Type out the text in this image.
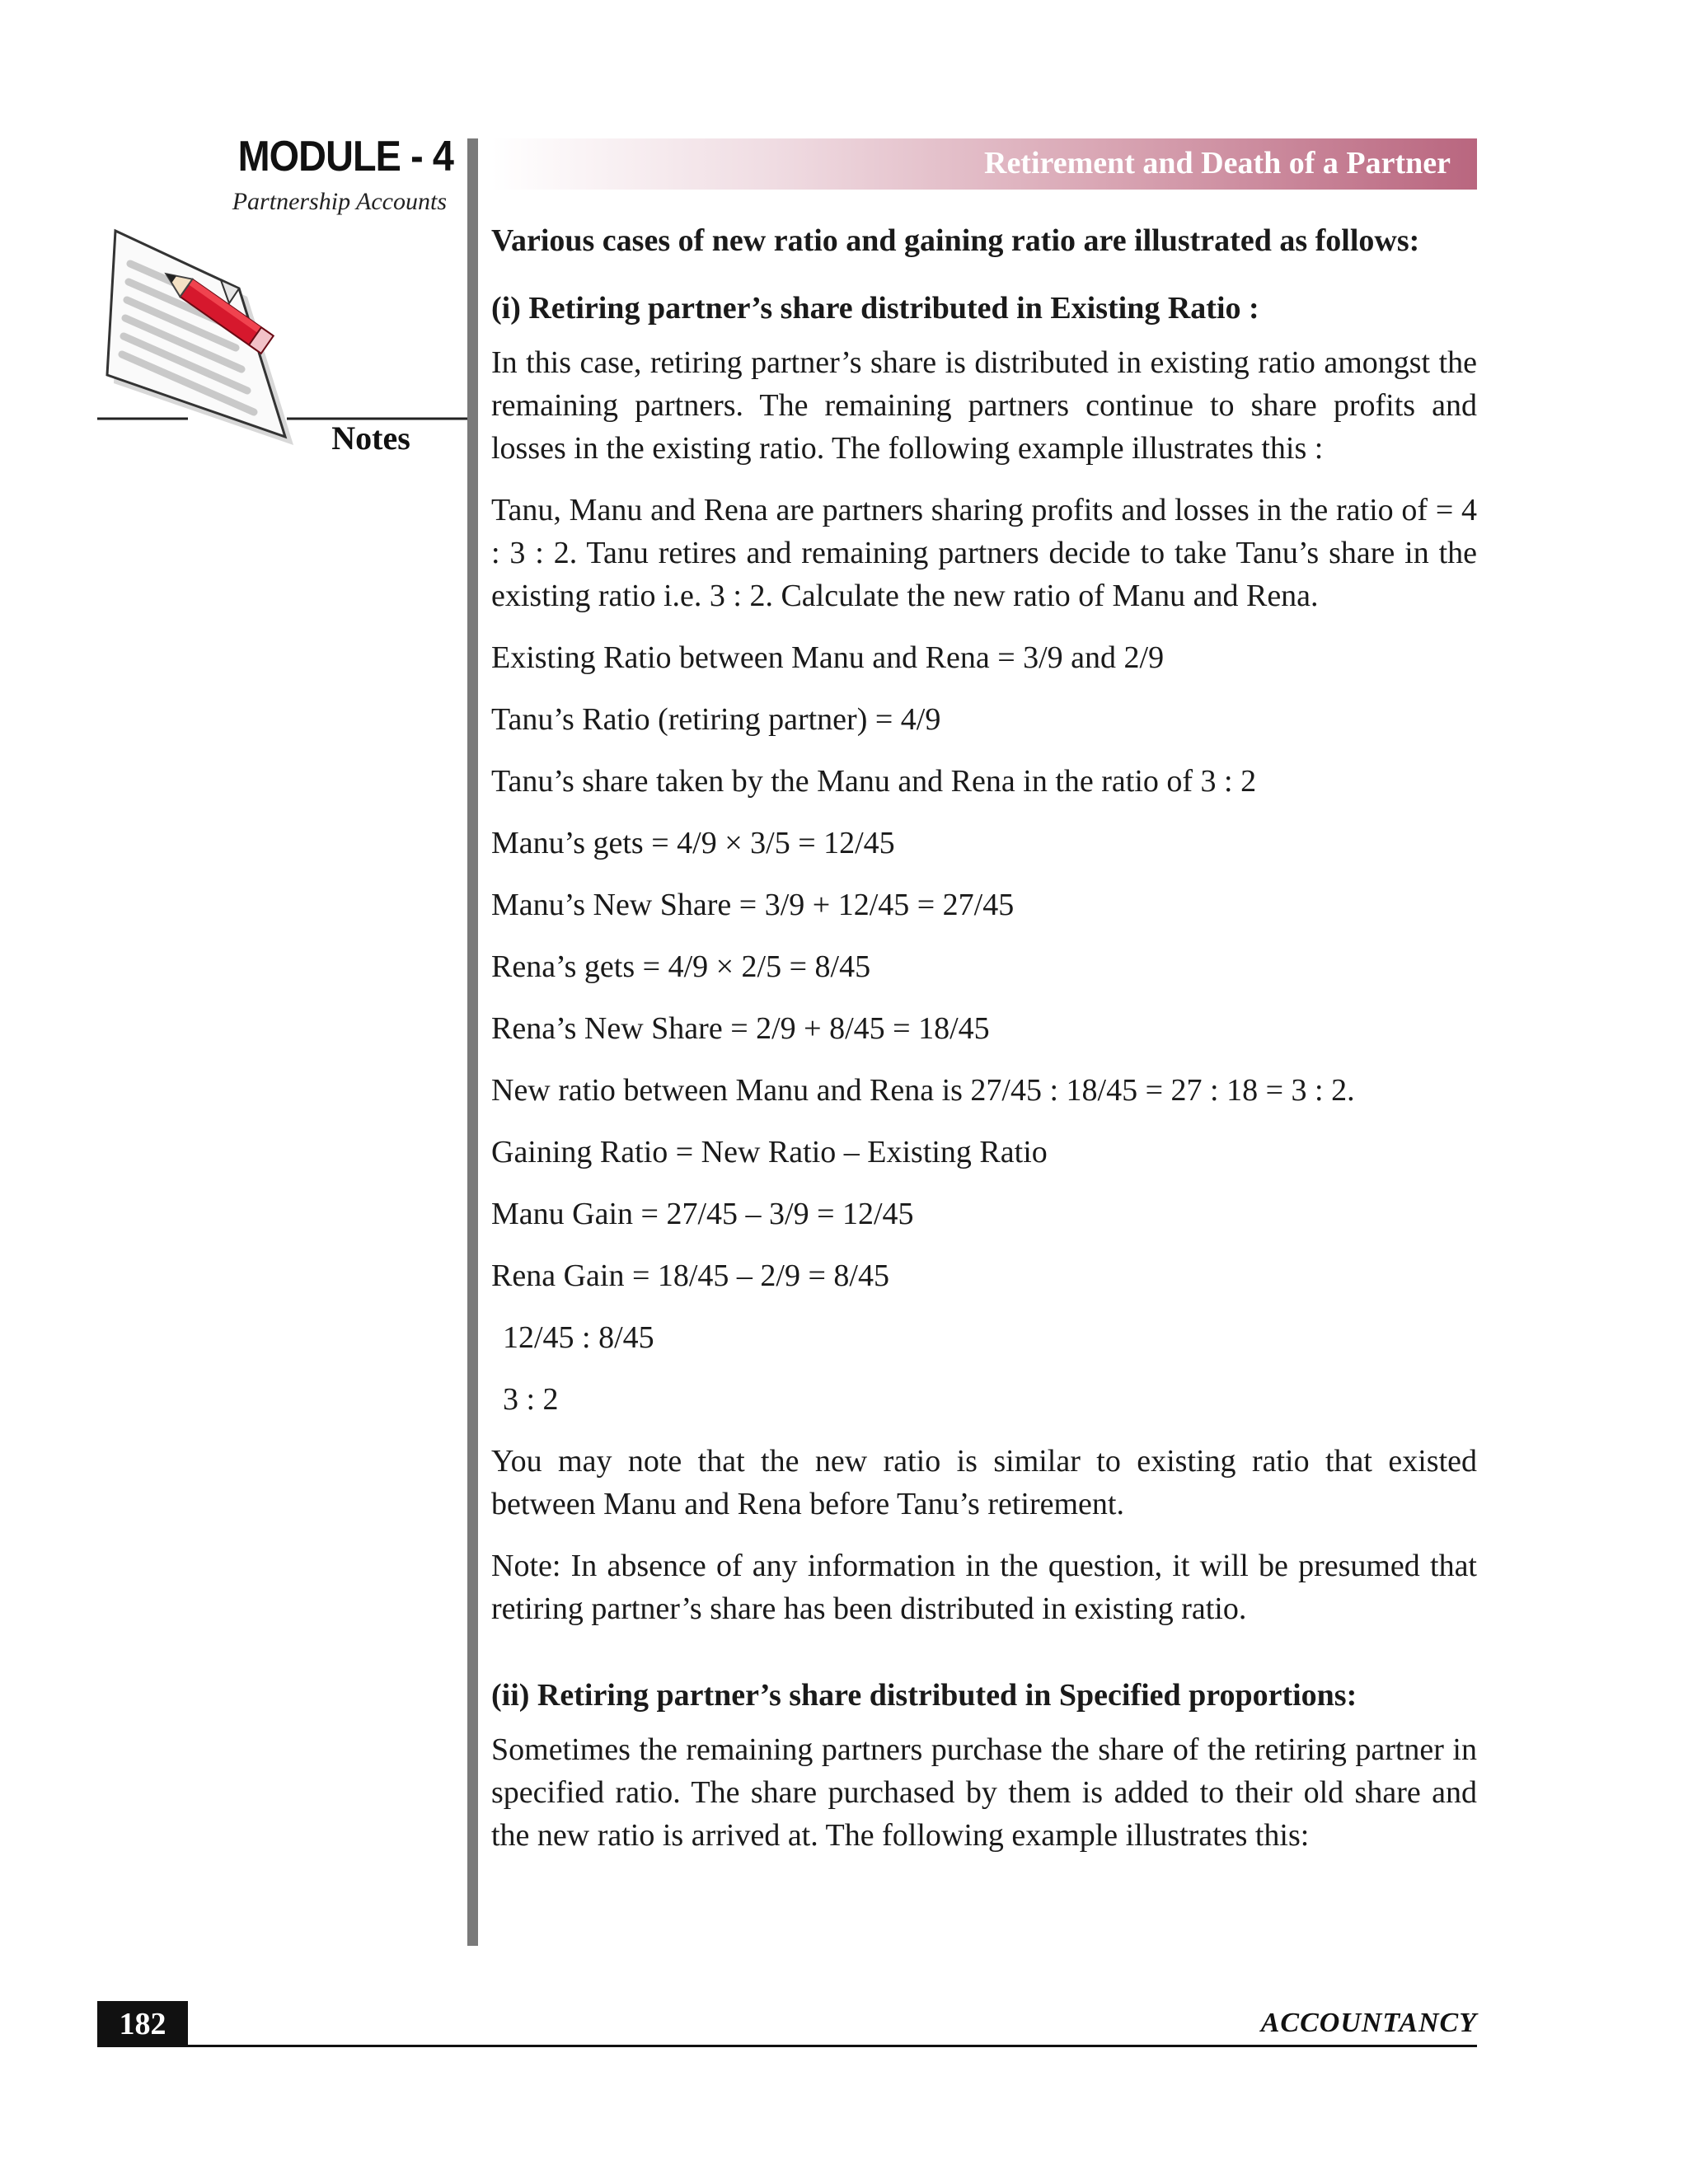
MODULE - 4
Partnership Accounts
Notes
Retirement and Death of a Partner

Various cases of new ratio and gaining ratio are illustrated as follows:

(i) Retiring partner’s share distributed in Existing Ratio :

In this case, retiring partner’s share is distributed in existing ratio amongst the remaining partners. The remaining partners continue to share profits and losses in the existing ratio. The following example illustrates this :

Tanu, Manu and Rena are partners sharing profits and losses in the ratio of = 4 : 3 : 2. Tanu retires and remaining partners decide to take Tanu’s share in the existing ratio i.e. 3 : 2. Calculate the new ratio of Manu and Rena.

Existing Ratio between Manu and Rena = 3/9 and 2/9

Tanu’s Ratio (retiring partner) = 4/9

Tanu’s share taken by the Manu and Rena in the ratio of 3 : 2

Manu’s gets = 4/9 × 3/5 = 12/45

Manu’s New Share = 3/9 + 12/45 = 27/45

Rena’s gets = 4/9 × 2/5 = 8/45

Rena’s New Share = 2/9 + 8/45 = 18/45

New ratio between Manu and Rena is 27/45 : 18/45 = 27 : 18 = 3 : 2.

Gaining Ratio = New Ratio – Existing Ratio

Manu Gain = 27/45 – 3/9 = 12/45

Rena Gain = 18/45 – 2/9 = 8/45

12/45 : 8/45

3 : 2

You may note that the new ratio is similar to existing ratio that existed between Manu and Rena before Tanu’s retirement.

Note: In absence of any information in the question, it will be presumed that retiring partner’s share has been distributed in existing ratio.

(ii) Retiring partner’s share distributed in Specified proportions:

Sometimes the remaining partners purchase the share of the retiring partner in specified ratio. The share purchased by them is added to their old share and the new ratio is arrived at. The following example illustrates this:

182	ACCOUNTANCY
